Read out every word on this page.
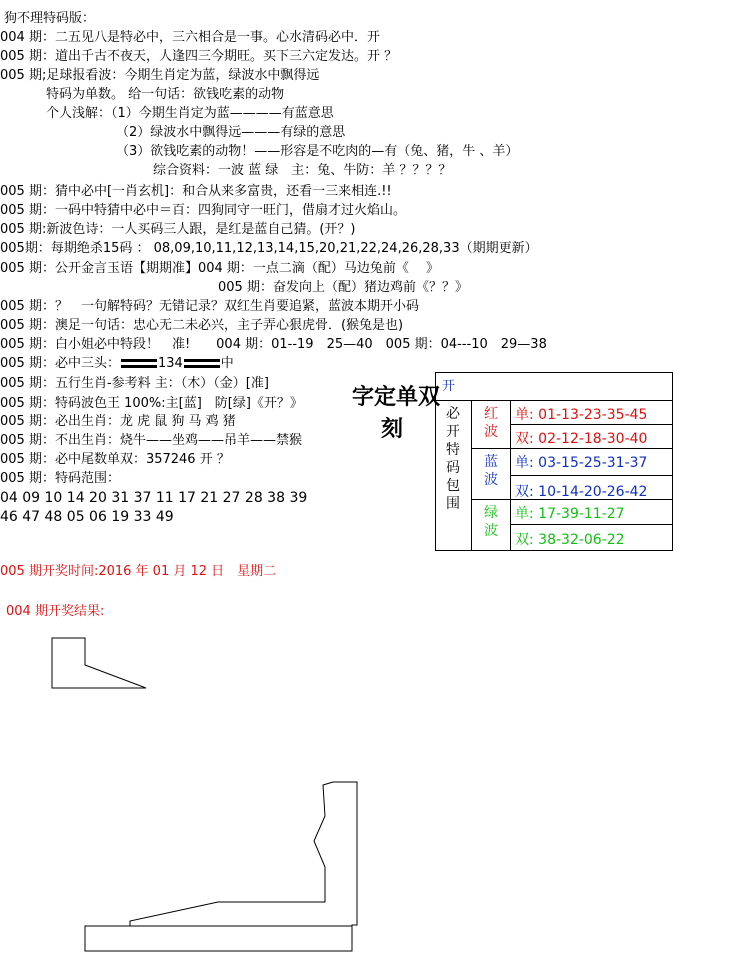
狗不理特码版：
004 期：二五见八是特必中，三六相合是一事。心水清码必中．开
005 期：道出千古不夜天，人逢四三今期旺。买下三六定发达。开 ？
005 期;足球报看波：今期生肖定为蓝，绿波水中飘得远
特码为单数。 给一句话：欲钱吃素的动物
个人浅解：（1）今期生肖定为蓝————有蓝意思
（2）绿波水中飘得远———有绿的意思
（3）欲钱吃素的动物！——形容是不吃肉的—有（兔、猪，牛 、羊）
综合资料：一波 蓝 绿　主：兔、牛防：羊 ？？？？
005 期：猜中必中[一肖玄机]：和合从来多富贵，还看一三来相连.!!
005 期：一码中特猜中必中＝百：四狗同守一旺门，借扇才过火焰山。
005 期:新波色诗：一人买码三人跟，是红是蓝自己猜。(开？)
005期：每期绝杀15码 ： 08,09,10,11,12,13,14,15,20,21,22,24,26,28,33（期期更新）
005 期：公开金言玉语【期期准】004 期：一点二滴（配）马边兔前《　 》
005 期：奋发向上（配）猪边鸡前《？？》
005 期：？　一句解特码？无错记录？双红生肖要追紧，蓝波本期开小码
005 期：澳足一句话：忠心无二未必兴，主子弄心狠虎骨．(猴兔是也)
005 期：白小姐必中特段！　准!　　004 期：01--19　25—40　005 期：04---10　29—38
005 期：必中三头：	134	中
005 期：五行生肖-参考料 主：（木）（金）[准]
005 期：特码波色王 100%:主[蓝]　防[绿]《开？》
005 期：必出生肖：龙 虎 鼠 狗 马 鸡 猪
005 期：不出生肖：烧牛——坐鸡——吊羊——禁猴
005 期：必中尾数单双：357246 开 ？
005 期：特码范围：
04 09 10 14 20 31 37 11 17 21 27 28 38 39
46 47 48 05 06 19 33 49
字定单双
刻
开
必
开
特
码
包
围
红
波
单: 01-13-23-35-45
双: 02-12-18-30-40
蓝
波
单: 03-15-25-31-37
双: 10-14-20-26-42
绿
波
单: 17-39-11-27
双: 38-32-06-22
005 期开奖时间:2016 年 01 月 12 日　星期二
004 期开奖结果:
